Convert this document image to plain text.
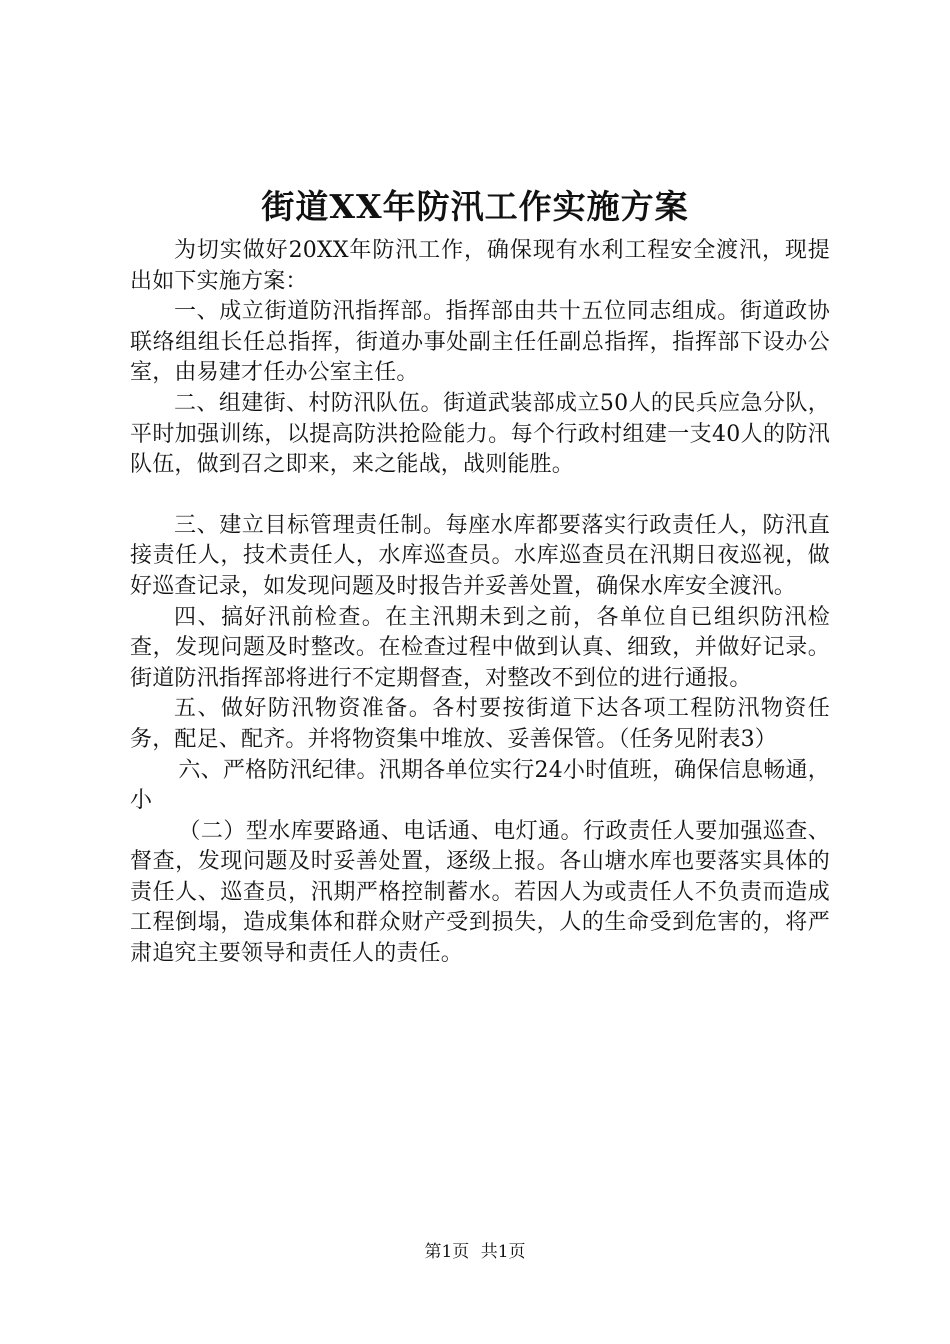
街道XX年防汛工作实施方案

为切实做好20XX年防汛工作，确保现有水利工程安全渡汛，现提出如下实施方案：

一、成立街道防汛指挥部。指挥部由共十五位同志组成。街道政协联络组组长任总指挥，街道办事处副主任任副总指挥，指挥部下设办公室，由易建才任办公室主任。

二、组建街、村防汛队伍。街道武装部成立50人的民兵应急分队，平时加强训练，以提高防洪抢险能力。每个行政村组建一支40人的防汛队伍，做到召之即来，来之能战，战则能胜。

三、建立目标管理责任制。每座水库都要落实行政责任人，防汛直接责任人，技术责任人，水库巡查员。水库巡查员在汛期日夜巡视，做好巡查记录，如发现问题及时报告并妥善处置，确保水库安全渡汛。

四、搞好汛前检查。在主汛期未到之前，各单位自已组织防汛检查，发现问题及时整改。在检查过程中做到认真、细致，并做好记录。街道防汛指挥部将进行不定期督查，对整改不到位的进行通报。

五、做好防汛物资准备。各村要按街道下达各项工程防汛物资任务，配足、配齐。并将物资集中堆放、妥善保管。（任务见附表3）

六、严格防汛纪律。汛期各单位实行24小时值班，确保信息畅通，小

（二）型水库要路通、电话通、电灯通。行政责任人要加强巡查、督查，发现问题及时妥善处置，逐级上报。各山塘水库也要落实具体的责任人、巡查员，汛期严格控制蓄水。若因人为或责任人不负责而造成工程倒塌，造成集体和群众财产受到损失，人的生命受到危害的，将严肃追究主要领导和责任人的责任。

第1页 共1页
